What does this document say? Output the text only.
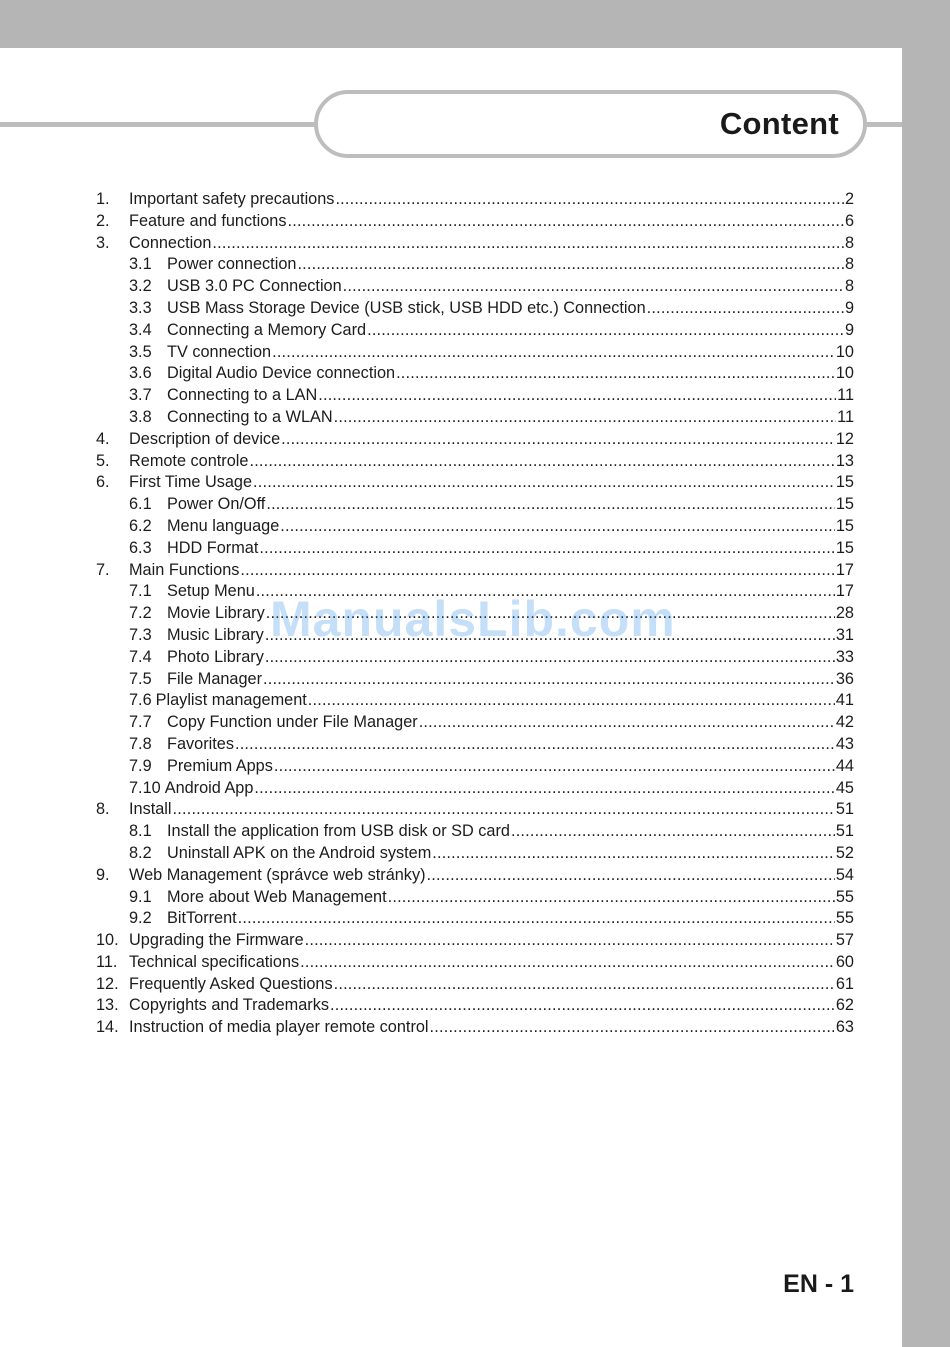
Content
1.	Important safety precautions .....	2
2.	Feature and functions .....	6
3.	Connection .....	8
3.1 Power connection .....	8
3.2 USB 3.0 PC Connection .....	8
3.3 USB Mass Storage Device (USB stick, USB HDD etc.) Connection .....	9
3.4 Connecting a Memory Card .....	9
3.5 TV connection .....	10
3.6 Digital Audio Device connection .....	10
3.7 Connecting to a LAN .....	11
3.8 Connecting to a WLAN .....	11
4.	Description of device .....	12
5.	Remote controle .....	13
6.	First Time Usage .....	15
6.1 Power On/Off .....	15
6.2 Menu language .....	15
6.3 HDD Format .....	15
7.	Main Functions .....	17
7.1 Setup Menu .....	17
7.2 Movie Library .....	28
7.3 Music Library .....	31
7.4 Photo Library .....	33
7.5 File Manager .....	36
7.6 Playlist management .....	41
7.7 Copy Function under File Manager .....	42
7.8 Favorites .....	43
7.9 Premium Apps .....	44
7.10 Android App .....	45
8.	Install .....	51
8.1 Install the application from USB disk or SD card .....	51
8.2 Uninstall APK on the Android system .....	52
9.	Web Management (správce web stránky) .....	54
9.1 More about Web Management .....	55
9.2 BitTorrent .....	55
10. Upgrading the Firmware .....	57
11. Technical specifications .....	60
12. Frequently Asked Questions .....	61
13. Copyrights and Trademarks .....	62
14. Instruction of media player remote control .....	63
ManualsLib.com
EN - 1
